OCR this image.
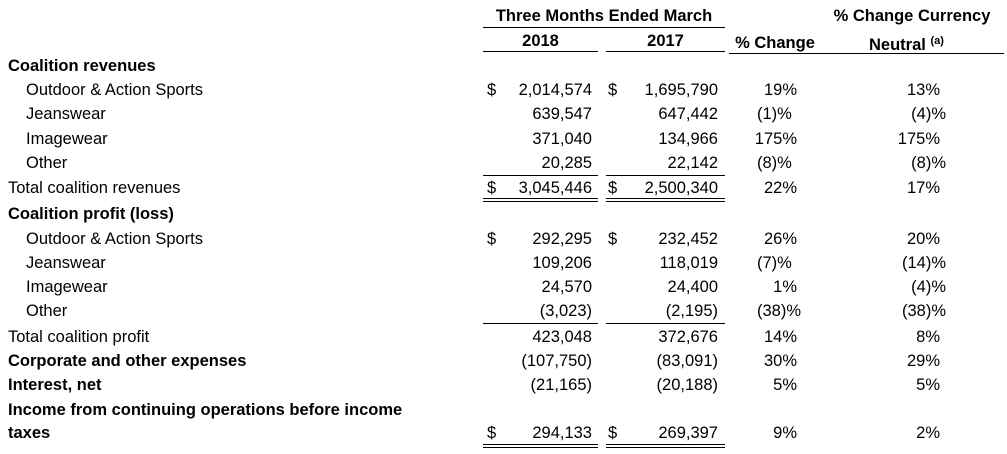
Three Months Ended March
2018	2017	% Change
% Change Currency
Neutral $^{(a)}$
Coalition revenues
Outdoor & Action Sports	$	2,014,574 $	1,695,790	19%	13%
Jeanswear	639,547	647,442 (1)%	(4)%
Imagewear	371,040	134,966 175%	175%
Other	20,285	22,142 (8)%	(8)%
Total coalition revenues	$	3,045,446 $	2,500,340	22%	17%
Coalition profit (loss)
Outdoor & Action Sports	$	292,295 $	232,452	26%	20%
Jeanswear	109,206	118,019 (7)%	(14)%
Imagewear	24,570	24,400	1%	(4)%
Other	(3,023)	(2,195) (38)%	(38)%
Total coalition profit	423,048	372,676	14%	8%
Corporate and other expenses	(107,750)	(83,091)	30%	29%
Interest, net	(21,165)	(20,188)	5%	5%
Income from continuing operations before income
taxes	$	294,133 $	269,397	9%	2%
